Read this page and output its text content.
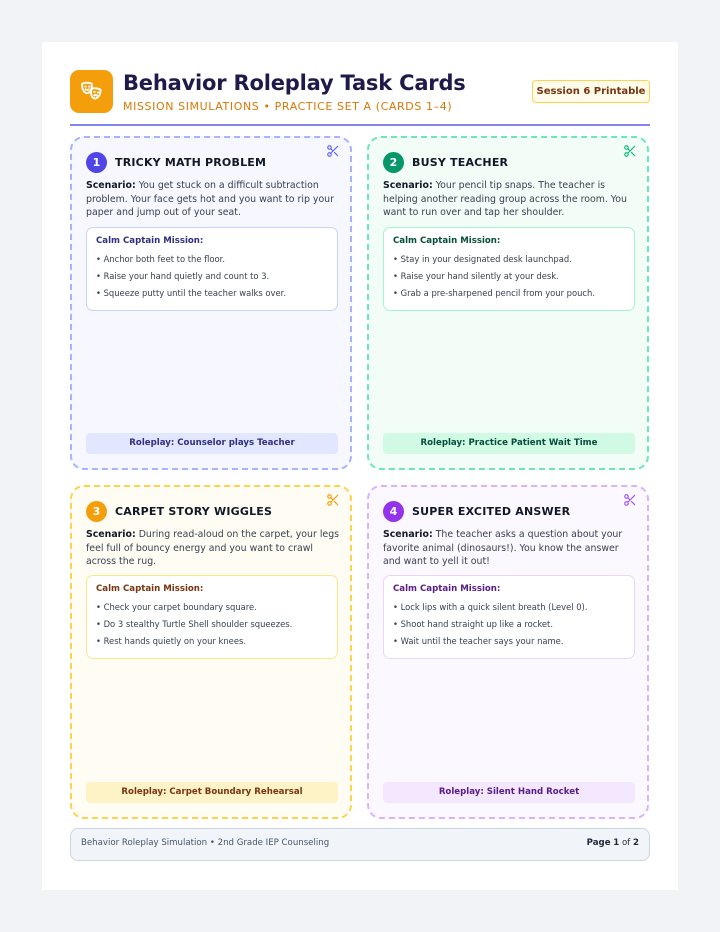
Behavior Roleplay Task Cards
MISSION SIMULATIONS • PRACTICE SET A (CARDS 1–4)
Session 6 Printable
1	TRICKY MATH PROBLEM
Scenario: You get stuck on a difficult subtraction problem. Your face gets hot and you want to rip your paper and jump out of your seat.
Calm Captain Mission:
• Anchor both feet to the floor.
• Raise your hand quietly and count to 3.
• Squeeze putty until the teacher walks over.
Roleplay: Counselor plays Teacher
2	BUSY TEACHER
Scenario: Your pencil tip snaps. The teacher is helping another reading group across the room. You want to run over and tap her shoulder.
Calm Captain Mission:
• Stay in your designated desk launchpad.
• Raise your hand silently at your desk.
• Grab a pre-sharpened pencil from your pouch.
Roleplay: Practice Patient Wait Time
3	CARPET STORY WIGGLES
Scenario: During read-aloud on the carpet, your legs feel full of bouncy energy and you want to crawl across the rug.
Calm Captain Mission:
• Check your carpet boundary square.
• Do 3 stealthy Turtle Shell shoulder squeezes.
• Rest hands quietly on your knees.
Roleplay: Carpet Boundary Rehearsal
4	SUPER EXCITED ANSWER
Scenario: The teacher asks a question about your favorite animal (dinosaurs!). You know the answer and want to yell it out!
Calm Captain Mission:
• Lock lips with a quick silent breath (Level 0).
• Shoot hand straight up like a rocket.
• Wait until the teacher says your name.
Roleplay: Silent Hand Rocket
Behavior Roleplay Simulation • 2nd Grade IEP Counseling	Page 1 of 2
